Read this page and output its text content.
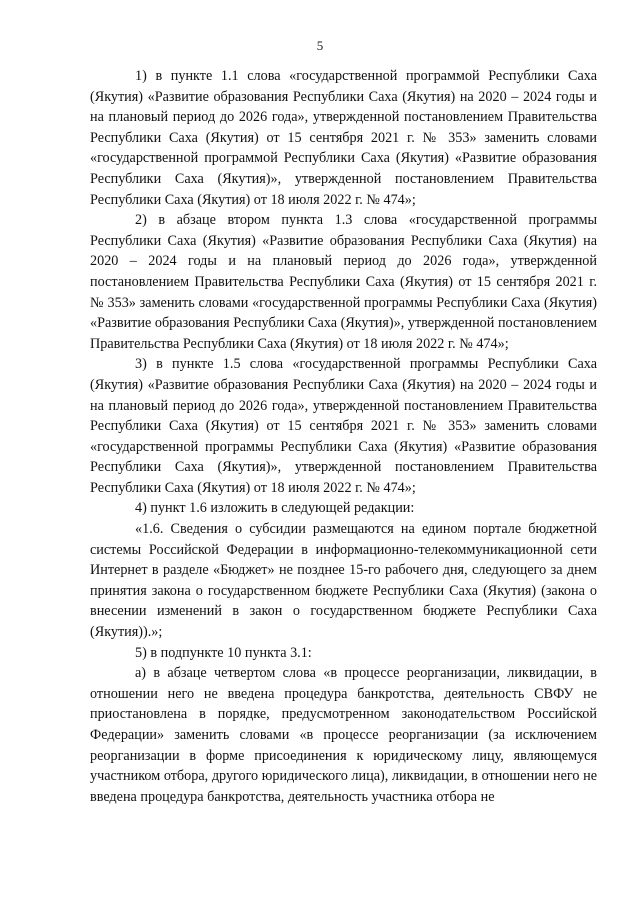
5

1) в пункте 1.1 слова «государственной программой Республики Саха (Якутия) «Развитие образования Республики Саха (Якутия) на 2020 – 2024 годы и на плановый период до 2026 года», утвержденной постановлением Правительства Республики Саха (Якутия) от 15 сентября 2021 г. № 353» заменить словами «государственной программой Республики Саха (Якутия) «Развитие образования Республики Саха (Якутия)», утвержденной постановлением Правительства Республики Саха (Якутия) от 18 июля 2022 г. № 474»;

2) в абзаце втором пункта 1.3 слова «государственной программы Республики Саха (Якутия) «Развитие образования Республики Саха (Якутия) на 2020 – 2024 годы и на плановый период до 2026 года», утвержденной постановлением Правительства Республики Саха (Якутия) от 15 сентября 2021 г. № 353» заменить словами «государственной программы Республики Саха (Якутия) «Развитие образования Республики Саха (Якутия)», утвержденной постановлением Правительства Республики Саха (Якутия) от 18 июля 2022 г. № 474»;

3) в пункте 1.5 слова «государственной программы Республики Саха (Якутия) «Развитие образования Республики Саха (Якутия) на 2020 – 2024 годы и на плановый период до 2026 года», утвержденной постановлением Правительства Республики Саха (Якутия) от 15 сентября 2021 г. № 353» заменить словами «государственной программы Республики Саха (Якутия) «Развитие образования Республики Саха (Якутия)», утвержденной постановлением Правительства Республики Саха (Якутия) от 18 июля 2022 г. № 474»;

4) пункт 1.6 изложить в следующей редакции:

«1.6. Сведения о субсидии размещаются на едином портале бюджетной системы Российской Федерации в информационно-телекоммуникационной сети Интернет в разделе «Бюджет» не позднее 15-го рабочего дня, следующего за днем принятия закона о государственном бюджете Республики Саха (Якутия) (закона о внесении изменений в закон о государственном бюджете Республики Саха (Якутия)).»;

5) в подпункте 10 пункта 3.1:

а) в абзаце четвертом слова «в процессе реорганизации, ликвидации, в отношении него не введена процедура банкротства, деятельность СВФУ не приостановлена в порядке, предусмотренном законодательством Российской Федерации» заменить словами «в процессе реорганизации (за исключением реорганизации в форме присоединения к юридическому лицу, являющемуся участником отбора, другого юридического лица), ликвидации, в отношении него не введена процедура банкротства, деятельность участника отбора не
